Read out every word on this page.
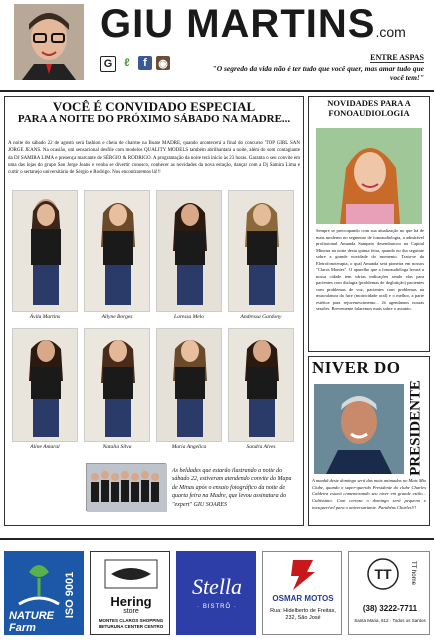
GIU MARTINS.com
G	ℓ	f	◉	ENTRE ASPAS
"O segredo da vida não é ter tudo que você quer, mas amar tudo que você tem!"
VOCÊ É CONVIDADO ESPECIAL
PARA A NOITE DO PRÓXIMO SÁBADO NA MADRE...
A noite do sábado 22 de agosto será fashion e cheia de charme na Boate MADRE, quando acontecerá a final do concurso 'TOP GIRL SAN JORGE JEANS. Na ocasião, um sensacional desfile com modelos QUALITY MODELS também abrilhantará a noite, além do som contagiante da DJ SAMIRA LIMA e presença marcante de SÉRGIO & RODRIGO. A programação da noite terá início às 23 horas. Garanta o seu convite em uma das lojas do grupo San Jorge Jeans e venha se divertir conosco, conhecer as novidades da nova estação, dançar com a Dj Samira Lima e curtir o sertanejo universitário de Sérgio e Rodrigo. Nos encontraremos lá!!!
Ávila Martins	Allyne Borges	Laressa Melo	Andressa Gardony
Aline Amaral	Natalia Silva	Maria Angelica	Sandra Alves
As beldades que estarão ilustrando a noite do sábado 22, estiveram atendendo convite do Mapa de Minas após o ensaio fotográfico da noite de quarta feira na Madre, que levou assinatura do "expert" GIU SOARES
NOVIDADES PARA A FONOAUDIOLOGIA
Sempre se preocupando com sua atualização no que há de mais moderno no segmento de fonoaudiologia, a admirável profissional Amanda Sampaio desembarcou na Capital Mineira na noite desta quinta feira, quando no dia seguinte sobre a grande novidade do momento. Trata-se da Eletrofonoterapia, o qual Amanda será pioneira em nossos "Claros Montes". O aparelho que a fonoaudióloga levará a nossa cidade tem várias indicações sendo elas para pacientes com disfagia (problemas de deglutição) pacientes com problemas de voz, pacientes com problemas na musculatura da face (motricidade oral) e o melhor, a parte estética para rejuvenescimento... Já agendamos nossas sessões. Brevemente falaremos mais sobre o assunto.
NIVER DO
PRESIDENTE
A manhã deste domingo será das mais animadas no Mais Mix Clube, quando o super-querido Presidente do clube Charles Caldeira estará comemorando seu niver em grande estilo... Cultíssimo. Com certeza o domingo será pequeno e inesquecível para o aniversariante. Parabéns Charles!!!
ISO 9001
NATURE Farm
Hering
store
MONTES CLAROS SHOPPING IBITURUNA CENTER CENTRO
Stella
· BISTRÔ ·
OSMAR MOTOS
Rua: Hidelberto de Freitas, 232, São José
TT	TT home
(38) 3222-7711
Santa Maria, 612 · Todos os Santos
